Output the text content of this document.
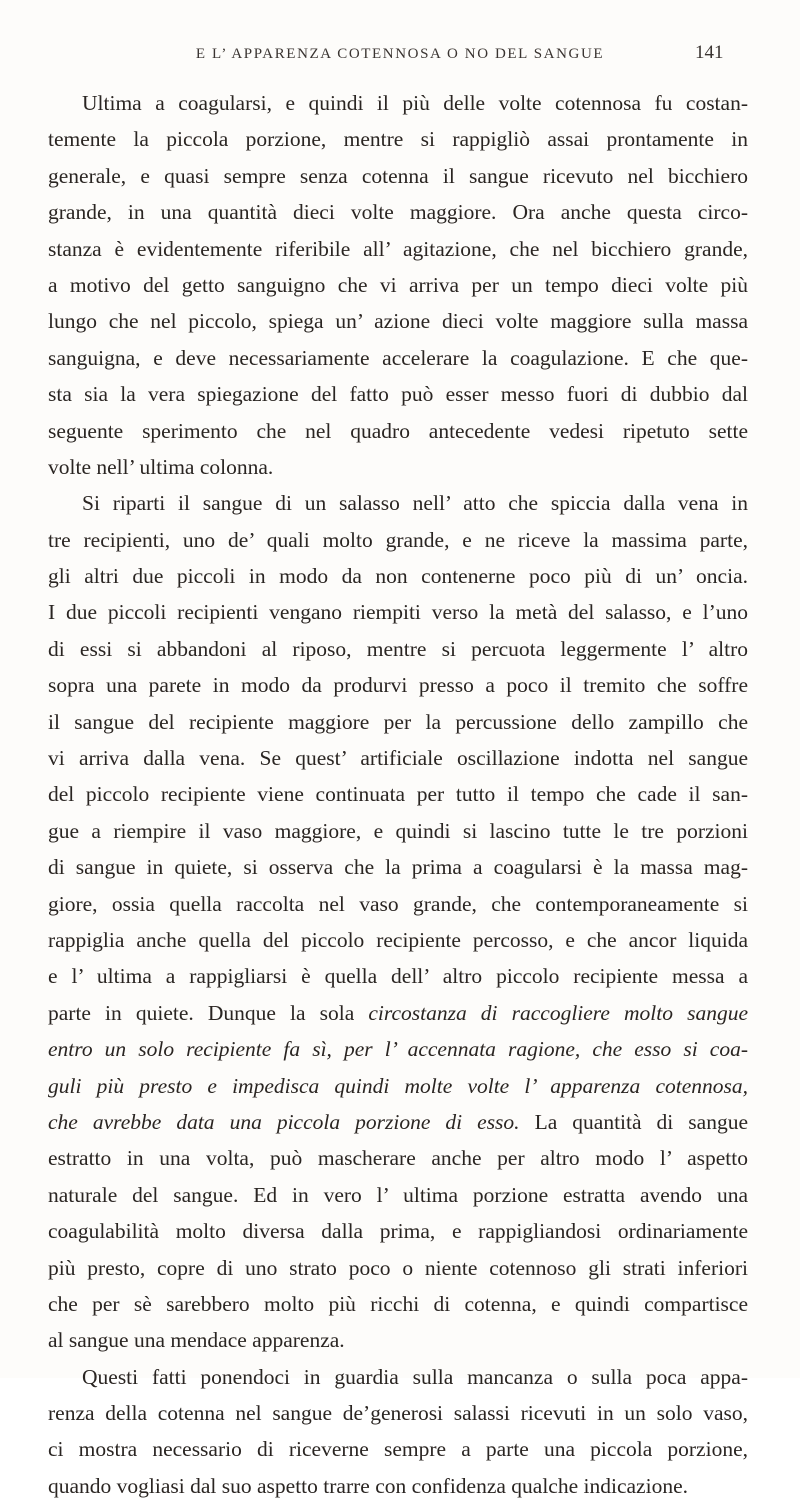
E L’ APPARENZA COTENNOSA O NO DEL SANGUE	141
Ultima a coagularsi, e quindi il più delle volte cotennosa fu costan-
temente la piccola porzione, mentre si rappigliò assai prontamente in
generale, e quasi sempre senza cotenna il sangue ricevuto nel bicchiero
grande, in una quantità dieci volte maggiore. Ora anche questa circo-
stanza è evidentemente riferibile all’ agitazione, che nel bicchiero grande,
a motivo del getto sanguigno che vi arriva per un tempo dieci volte più
lungo che nel piccolo, spiega un’ azione dieci volte maggiore sulla massa
sanguigna, e deve necessariamente accelerare la coagulazione. E che que-
sta sia la vera spiegazione del fatto può esser messo fuori di dubbio dal
seguente sperimento che nel quadro antecedente vedesi ripetuto sette
volte nell’ ultima colonna.
Si riparti il sangue di un salasso nell’ atto che spiccia dalla vena in
tre recipienti, uno de’ quali molto grande, e ne riceve la massima parte,
gli altri due piccoli in modo da non contenerne poco più di un’ oncia.
I due piccoli recipienti vengano riempiti verso la metà del salasso, e l’uno
di essi si abbandoni al riposo, mentre si percuota leggermente l’ altro
sopra una parete in modo da produrvi presso a poco il tremito che soffre
il sangue del recipiente maggiore per la percussione dello zampillo che
vi arriva dalla vena. Se quest’ artificiale oscillazione indotta nel sangue
del piccolo recipiente viene continuata per tutto il tempo che cade il san-
gue a riempire il vaso maggiore, e quindi si lascino tutte le tre porzioni
di sangue in quiete, si osserva che la prima a coagularsi è la massa mag-
giore, ossia quella raccolta nel vaso grande, che contemporaneamente si
rappiglia anche quella del piccolo recipiente percosso, e che ancor liquida
e l’ ultima a rappigliarsi è quella dell’ altro piccolo recipiente messa a
parte in quiete. Dunque la sola circostanza di raccogliere molto sangue
entro un solo recipiente fa sì, per l’ accennata ragione, che esso si coa-
guli più presto e impedisca quindi molte volte l’ apparenza cotennosa,
che avrebbe data una piccola porzione di esso. La quantità di sangue
estratto in una volta, può mascherare anche per altro modo l’ aspetto
naturale del sangue. Ed in vero l’ ultima porzione estratta avendo una
coagulabilità molto diversa dalla prima, e rappigliandosi ordinariamente
più presto, copre di uno strato poco o niente cotennoso gli strati inferiori
che per sè sarebbero molto più ricchi di cotenna, e quindi compartisce
al sangue una mendace apparenza.
Questi fatti ponendoci in guardia sulla mancanza o sulla poca appa-
renza della cotenna nel sangue de’generosi salassi ricevuti in un solo vaso,
ci mostra necessario di riceverne sempre a parte una piccola porzione,
quando vogliasi dal suo aspetto trarre con confidenza qualche indicazione.
